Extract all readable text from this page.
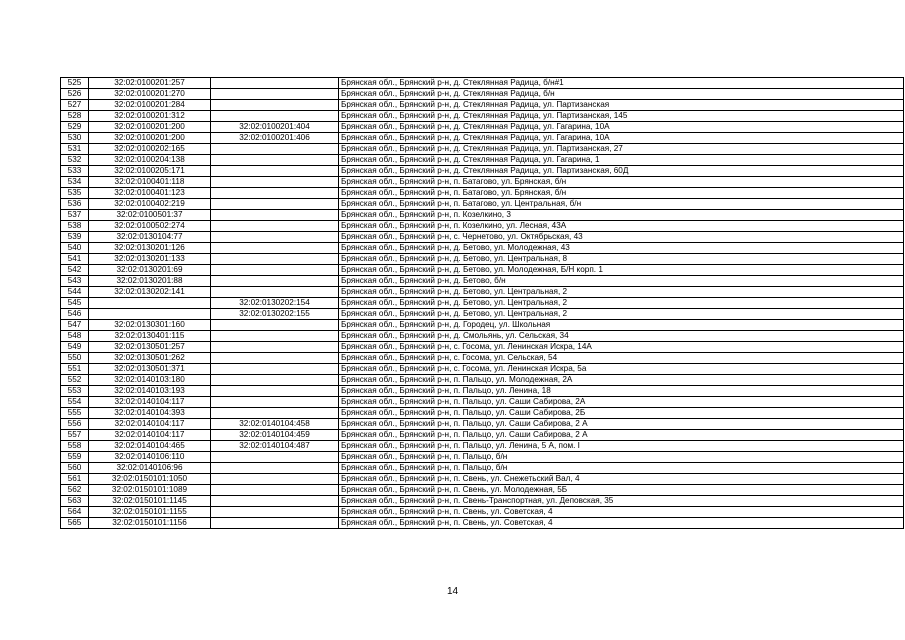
525	32:02:0100201:257		Брянская обл., Брянский р-н, д. Стеклянная Радица, б/н#1
526	32:02:0100201:270		Брянская обл., Брянский р-н, д. Стеклянная Радица, б/н
527	32:02:0100201:284		Брянская обл., Брянский р-н, д. Стеклянная Радица, ул. Партизанская
528	32:02:0100201:312		Брянская обл., Брянский р-н, д. Стеклянная Радица, ул. Партизанская, 145
529	32:02:0100201:200	32:02:0100201:404	Брянская обл., Брянский р-н, д. Стеклянная Радица, ул. Гагарина, 10А
530	32:02:0100201:200	32:02:0100201:406	Брянская обл., Брянский р-н, д. Стеклянная Радица, ул. Гагарина, 10А
531	32:02:0100202:165		Брянская обл., Брянский р-н, д. Стеклянная Радица, ул. Партизанская, 27
532	32:02:0100204:138		Брянская обл., Брянский р-н, д. Стеклянная Радица, ул. Гагарина, 1
533	32:02:0100205:171		Брянская обл., Брянский р-н, д. Стеклянная Радица, ул. Партизанская, 60Д
534	32:02:0100401:118		Брянская обл., Брянский р-н, п. Батагово, ул. Брянская, б/н
535	32:02:0100401:123		Брянская обл., Брянский р-н, п. Батагово, ул. Брянская, б/н
536	32:02:0100402:219		Брянская обл., Брянский р-н, п. Батагово, ул. Центральная, б/н
537	32:02:0100501:37		Брянская обл., Брянский р-н, п. Козелкино, 3
538	32:02:0100502:274		Брянская обл., Брянский р-н, п. Козелкино, ул. Лесная, 43А
539	32:02:0130104:77		Брянская обл., Брянский р-н, с. Чернетово, ул. Октябрьская, 43
540	32:02:0130201:126		Брянская обл., Брянский р-н, д. Бетово, ул. Молодежная, 43
541	32:02:0130201:133		Брянская обл., Брянский р-н, д. Бетово, ул. Центральная, 8
542	32:02:0130201:69		Брянская обл., Брянский р-н, д. Бетово, ул. Молодежная, Б/Н корп. 1
543	32:02:0130201:88		Брянская обл., Брянский р-н, д. Бетово, б/н
544	32:02:0130202:141		Брянская обл., Брянский р-н, д. Бетово, ул. Центральная, 2
545		32:02:0130202:154	Брянская обл., Брянский р-н, д. Бетово, ул. Центральная, 2
546		32:02:0130202:155	Брянская обл., Брянский р-н, д. Бетово, ул. Центральная, 2
547	32:02:0130301:160		Брянская обл., Брянский р-н, д. Городец, ул. Школьная
548	32:02:0130401:115		Брянская обл., Брянский р-н, д. Смольянь, ул. Сельская, 34
549	32:02:0130501:257		Брянская обл., Брянский р-н, с. Госома, ул. Ленинская Искра, 14А
550	32:02:0130501:262		Брянская обл., Брянский р-н, с. Госома, ул. Сельская, 54
551	32:02:0130501:371		Брянская обл., Брянский р-н, с. Госома, ул. Ленинская Искра, 5а
552	32:02:0140103:180		Брянская обл., Брянский р-н, п. Пальцо, ул. Молодежная, 2А
553	32:02:0140103:193		Брянская обл., Брянский р-н, п. Пальцо, ул. Ленина, 18
554	32:02:0140104:117		Брянская обл., Брянский р-н, п. Пальцо, ул. Саши Сабирова, 2А
555	32:02:0140104:393		Брянская обл., Брянский р-н, п. Пальцо, ул. Саши Сабирова, 2Б
556	32:02:0140104:117	32:02:0140104:458	Брянская обл., Брянский р-н, п. Пальцо, ул. Саши Сабирова, 2 А
557	32:02:0140104:117	32:02:0140104:459	Брянская обл., Брянский р-н, п. Пальцо, ул. Саши Сабирова, 2 А
558	32:02:0140104:465	32:02:0140104:487	Брянская обл., Брянский р-н, п. Пальцо, ул. Ленина, 5 А, пом. I
559	32:02:0140106:110		Брянская обл., Брянский р-н, п. Пальцо, б/н
560	32:02:0140106:96		Брянская обл., Брянский р-н, п. Пальцо, б/н
561	32:02:0150101:1050		Брянская обл., Брянский р-н, п. Свень, ул. Снежетьский Вал, 4
562	32:02:0150101:1089		Брянская обл., Брянский р-н, п. Свень, ул. Молодежная, 5Б
563	32:02:0150101:1145		Брянская обл., Брянский р-н, п. Свень-Транспортная, ул. Деповская, 35
564	32:02:0150101:1155		Брянская обл., Брянский р-н, п. Свень, ул. Советская, 4
565	32:02:0150101:1156		Брянская обл., Брянский р-н, п. Свень, ул. Советская, 4
14
